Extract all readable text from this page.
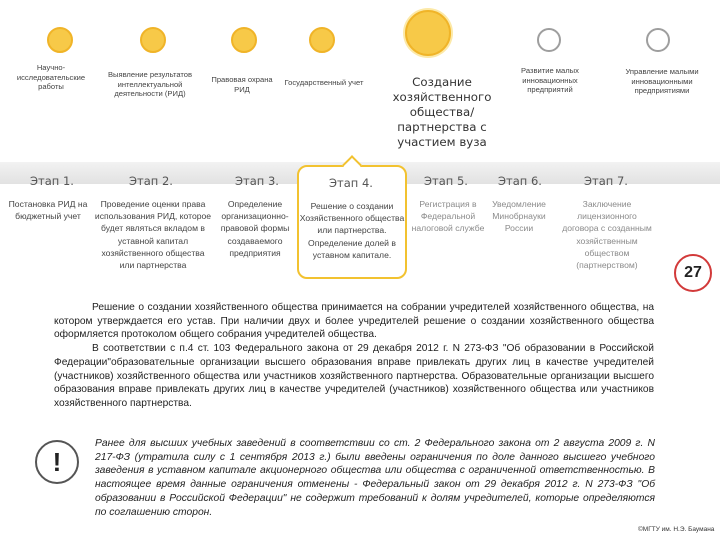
Научно-исследовательские работы
Выявление результатов интеллектуальной деятельности (РИД)
Правовая охрана РИД
Государственный учет	Создание хозяйственного общества/партнерства с участием вуза
Развитие малых инновационных предприятий
Управление малыми инновационными предприятиями
Этап 1.	Этап 2.	Этап 3.	Этап 4.	Этап 5.	Этап 6.	Этап 7.
Постановка РИД на бюджетный учет
Проведение оценки права использования РИД, которое будет являться вкладом в уставной капитал хозяйственного общества или партнерства
Определение организационно-правовой формы создаваемого предприятия
Решение о создании Хозяйственного общества или партнерства. Определение долей в уставном капитале.
Регистрация в Федеральной налоговой службе
Уведомление Минобрнауки России
Заключение лицензионного договора с созданным хозяйственным обществом (партнерством)	27

Решение о создании хозяйственного общества принимается на собрании учредителей хозяйственного общества, на котором утверждается его устав. При наличии двух и более учредителей решение о создании хозяйственного общества оформляется протоколом общего собрания учредителей общества.

В соответствии с п.4 ст. 103 Федерального закона от 29 декабря 2012 г. N 273-ФЗ "Об образовании в Российской Федерации"образовательные организации высшего образования вправе привлекать других лиц в качестве учредителей (участников) хозяйственного общества или участников хозяйственного партнерства. Образовательные организации высшего образования вправе привлекать других лиц в качестве учредителей (участников) хозяйственного общества или участников хозяйственного партнерства.

!
Ранее для высших учебных заведений в соответствии со ст. 2 Федерального закона от 2 августа 2009 г. N 217-ФЗ (утратила силу с 1 сентября 2013 г.) были введены ограничения по доле данного высшего учебного заведения в уставном капитале акционерного общества или общества с ограниченной ответственностью. В настоящее время данные ограничения отменены - Федеральный закон от 29 декабря 2012 г. N 273-ФЗ "Об образовании в Российской Федерации" не содержит требований к долям учредителей, которые определяются по соглашению сторон.
©МГТУ им. Н.Э. Баумана
